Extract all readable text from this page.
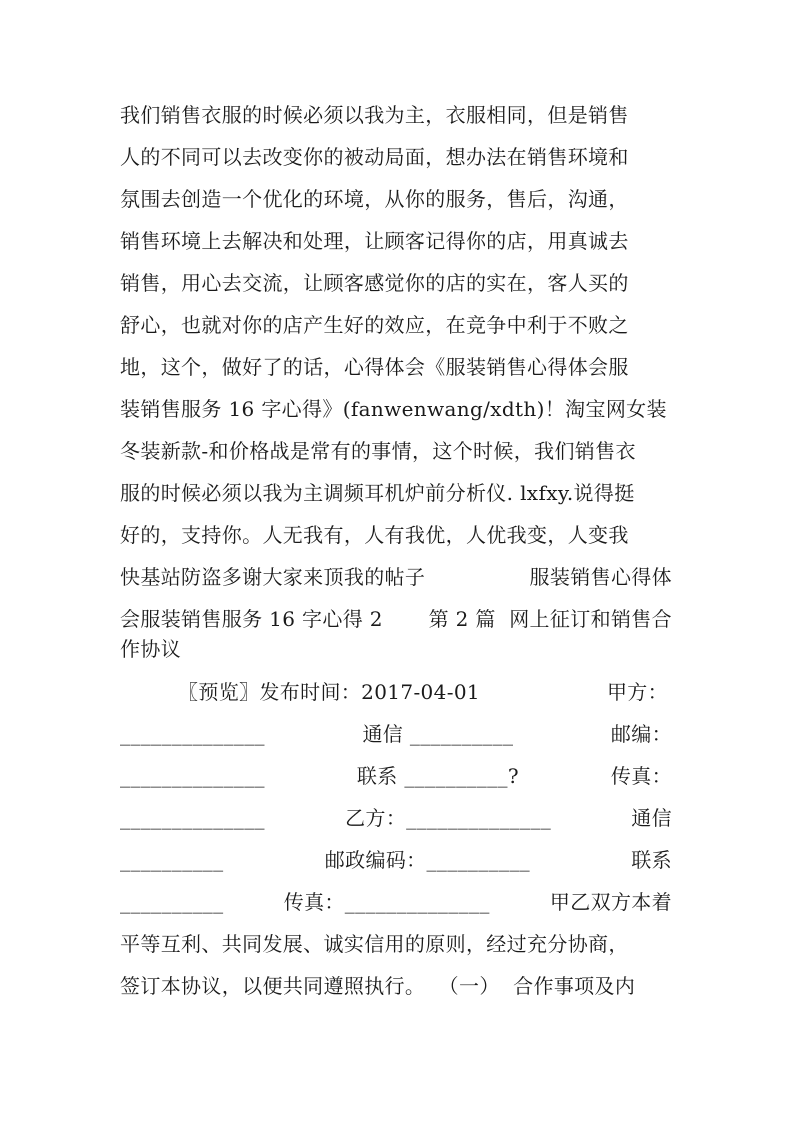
我们销售衣服的时候必须以我为主，衣服相同，但是销售
人的不同可以去改变你的被动局面，想办法在销售环境和
氛围去创造一个优化的环境，从你的服务，售后，沟通，
销售环境上去解决和处理，让顾客记得你的店，用真诚去
销售，用心去交流，让顾客感觉你的店的实在，客人买的
舒心，也就对你的店产生好的效应，在竞争中利于不败之
地，这个，做好了的话，心得体会《服装销售心得体会服
装销售服务 16 字心得》(fanwenwang/xdth)！淘宝网女装
冬装新款-和价格战是常有的事情，这个时候，我们销售衣
服的时候必须以我为主调频耳机炉前分析仪. lxfxy.说得挺
好的，支持你。人无我有，人有我优，人优我变，人变我
快基站防盗多谢大家来顶我的帖子	服装销售心得体
会服装销售服务 16 字心得 2 第 2 篇  网上征订和销售合
作协议
〖预览〗发布时间：2017-04-01	甲方：
______________	通信 __________	邮编：
______________	联系 __________?	传真：
______________	乙方：______________	通信
__________	邮政编码：__________	联系
__________	传真：______________	甲乙双方本着
平等互利、共同发展、诚实信用的原则，经过充分协商，
签订本协议，以便共同遵照执行。  （一）  合作事项及内
